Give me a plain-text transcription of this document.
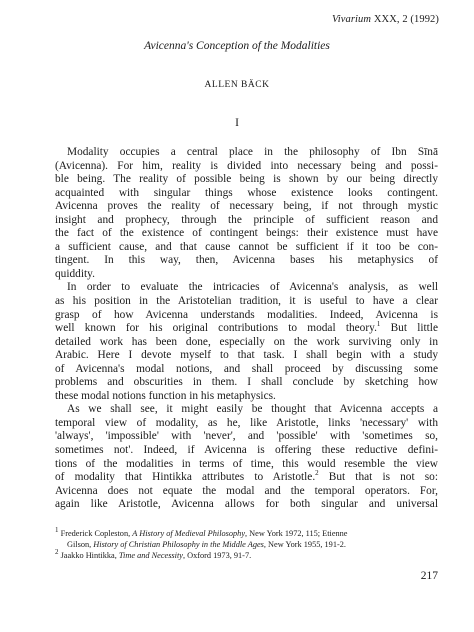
Vivarium XXX, 2 (1992)
Avicenna's Conception of the Modalities
ALLEN BÄCK
I
Modality occupies a central place in the philosophy of Ibn Sīnā
(Avicenna). For him, reality is divided into necessary being and possi-
ble being. The reality of possible being is shown by our being directly
acquainted with singular things whose existence looks contingent.
Avicenna proves the reality of necessary being, if not through mystic
insight and prophecy, through the principle of sufficient reason and
the fact of the existence of contingent beings: their existence must have
a sufficient cause, and that cause cannot be sufficient if it too be con-
tingent. In this way, then, Avicenna bases his metaphysics of
quiddity.
In order to evaluate the intricacies of Avicenna's analysis, as well
as his position in the Aristotelian tradition, it is useful to have a clear
grasp of how Avicenna understands modalities. Indeed, Avicenna is
well known for his original contributions to modal theory.$^1$ But little
detailed work has been done, especially on the work surviving only in
Arabic. Here I devote myself to that task. I shall begin with a study
of Avicenna's modal notions, and shall proceed by discussing some
problems and obscurities in them. I shall conclude by sketching how
these modal notions function in his metaphysics.
As we shall see, it might easily be thought that Avicenna accepts a
temporal view of modality, as he, like Aristotle, links 'necessary' with
'always', 'impossible' with 'never', and 'possible' with 'sometimes so,
sometimes not'. Indeed, if Avicenna is offering these reductive defini-
tions of the modalities in terms of time, this would resemble the view
of modality that Hintikka attributes to Aristotle.$^2$ But that is not so:
Avicenna does not equate the modal and the temporal operators. For,
again like Aristotle, Avicenna allows for both singular and universal
$^1$ Frederick Copleston, A History of Medieval Philosophy, New York 1972, 115; Etienne
Gilson, History of Christian Philosophy in the Middle Ages, New York 1955, 191-2.
$^2$ Jaakko Hintikka, Time and Necessity, Oxford 1973, 91-7.
217
